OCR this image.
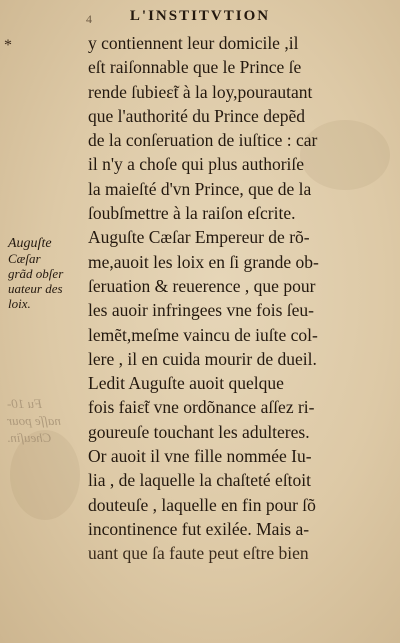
4	L'INSTITVTION
*	y contiennent leur domicile ,il
eſt raiſonnable que le Prince ſe
rende ſubieɛ̃t à la loy,pourautant
que l'authorité du Prince depẽd
de la conſeruation de iuſtice : car
il n'y a choſe qui plus authoriſe
la maieſté d'vn Prince, que de la
ſoubſmettre à la raiſon eſcrite.
Auguſte Cæſar Empereur de rõ-
me,auoit les loix en ſi grande ob-
ſeruation & reuerence , que pour
les auoir infringees vne fois ſeu-
lemẽt,meſme vaincu de iuſte col-
lere , il en cuida mourir de dueil.
Ledit Auguſte auoit quelque
fois faiɛ̃t vne ordõnance aſſez ri-
goureuſe touchant les adulteres.
Or auoit il vne fille nommée Iu-
lia , de laquelle la chaſteté eſtoit
douteuſe , laquelle en fin pour ſõ
incontinence fut exilée. Mais a-
uant que ſa faute peut eſtre bien
Auguſte
Cæſar
grãd obſer
uateur des
loix.
Fu 10-
naſſe pour
Cheuſin.
